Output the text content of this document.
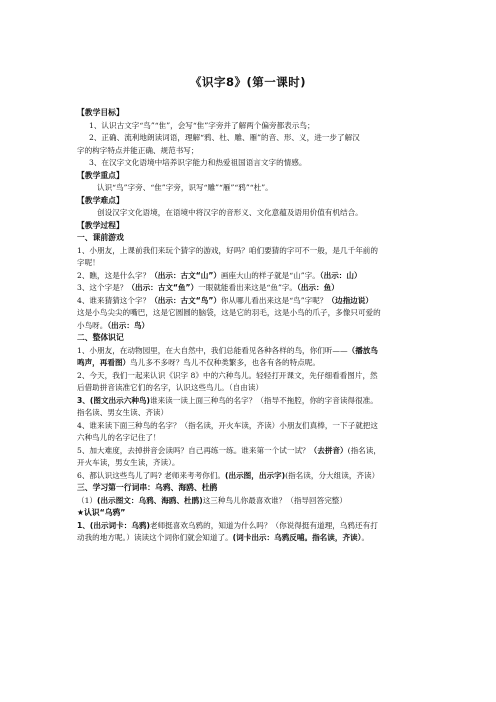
《识字8》(第一课时)

【教学目标】

1、认识古文字“鸟”“隹”，会写“隹”字旁并了解两个偏旁都表示鸟；

2、正确、流利地朗读词语，理解“鸦、杜、雕、雁”的音、形、义，进一步了解汉

字的构字特点并能正确、规范书写；

3、在汉字文化语境中培养识字能力和热爱祖国语言文字的情感。

【教学重点】

认识“鸟”字旁、“隹”字旁，识写“雕”“雁”“鸦”“杜”。

【教学难点】

创设汉字文化语境，在语境中将汉字的音形义、文化意蕴及语用价值有机结合。

【教学过程】

一、课前游戏

1、小朋友，上课前我们来玩个猜字的游戏，好吗？咱们要猜的字可不一般，是几千年前的

字呢！

2、瞧，这是什么字？（出示：古文“山”）画座大山的样子就是“山”字。（出示：山）

3、这个字是？（出示：古文“鱼”）一眼就能看出来这是“鱼”字。（出示：鱼）

4、谁来猜猜这个字？（出示：古文“鸟”）你从哪儿看出来这是“鸟”字呢？（边指边说）

这是小鸟尖尖的嘴巴，这是它圆圆的脑袋，这是它的羽毛，这是小鸟的爪子，多像只可爱的

小鸟呀。（出示：鸟）

二、整体识记

1、小朋友，在动物园里，在大自然中，我们总能看见各种各样的鸟，你们听——（播放鸟

鸣声，再看图）鸟儿多不多呀？鸟儿不仅种类繁多，也各有各的特点呢。

2、今天，我们一起来认识《识字 8》中的六种鸟儿。轻轻打开课文，先仔细看看图片，然

后借助拼音读准它们的名字，认识这些鸟儿。（自由读）

3、(图文出示六种鸟)谁来读一读上面三种鸟的名字？（指导不拖腔，你的字音读得很准。

指名读、男女生读、齐读）

4、谁来读下面三种鸟的名字？（指名读，开火车读，齐读）小朋友们真棒，一下子就把这

六种鸟儿的名字记住了！

5、加大难度，去掉拼音会读吗？自己再练一练。谁来第一个试一试？（去拼音）(指名读，

开火车读，男女生读，齐读）。

6、都认识这些鸟儿了吗? 老师来考考你们。(出示图，出示字)(指名读，分大组读，齐读）

三、学习第一行词串：乌鸦、海鸥、杜鹃

（1）(出示图文：乌鸦、海鸥、杜鹃)这三种鸟儿你最喜欢谁？（指导回答完整）

★认识“乌鸦”

1、(出示词卡：乌鸦)老师挺喜欢乌鸦的，知道为什么吗？（你说得挺有道理，乌鸦还有打

动我的地方呢。）读读这个词你们就会知道了。(词卡出示：乌鸦反哺。指名读，齐读）。
